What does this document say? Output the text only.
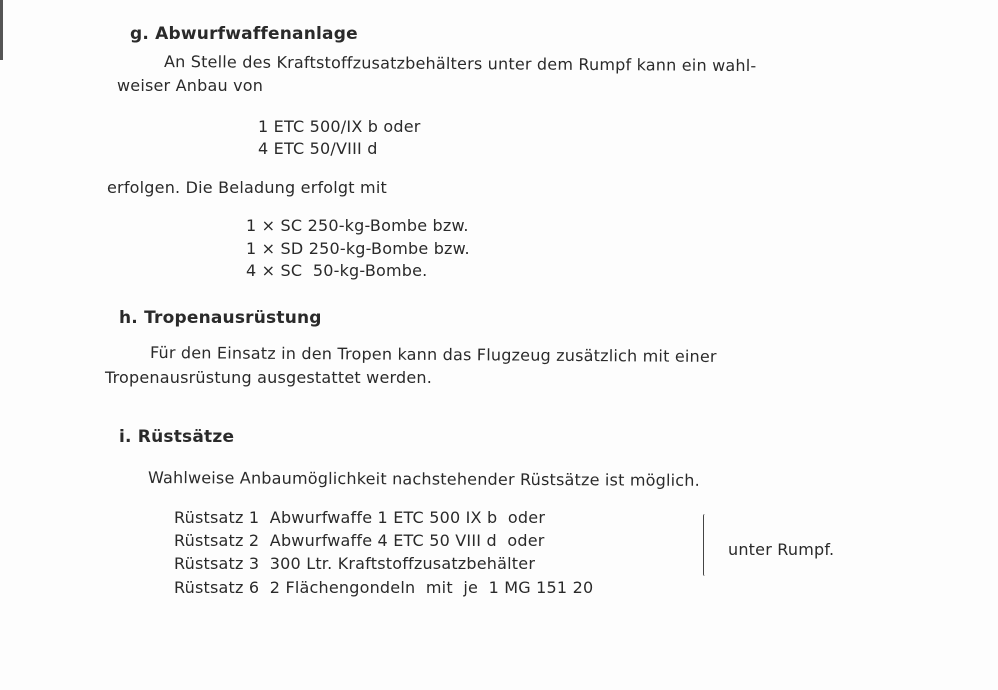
g. Abwurfwaffenanlage
An Stelle des Kraftstoffzusatzbehälters unter dem Rumpf kann ein wahl-
weiser Anbau von
1 ETC 500/IX b oder
4 ETC 50/VIII d
erfolgen. Die Beladung erfolgt mit
1 × SC 250-kg-Bombe bzw.
1 × SD 250-kg-Bombe bzw.
4 × SC  50-kg-Bombe.
h. Tropenausrüstung
Für den Einsatz in den Tropen kann das Flugzeug zusätzlich mit einer
Tropenausrüstung ausgestattet werden.
i. Rüstsätze
Wahlweise Anbaumöglichkeit nachstehender Rüstsätze ist möglich.
Rüstsatz 1  Abwurfwaffe 1 ETC 500 IX b  oder
Rüstsatz 2  Abwurfwaffe 4 ETC 50 VIII d  oder
Rüstsatz 3  300 Ltr. Kraftstoffzusatzbehälter
Rüstsatz 6  2 Flächengondeln  mit  je  1 MG 151 20
unter Rumpf.
